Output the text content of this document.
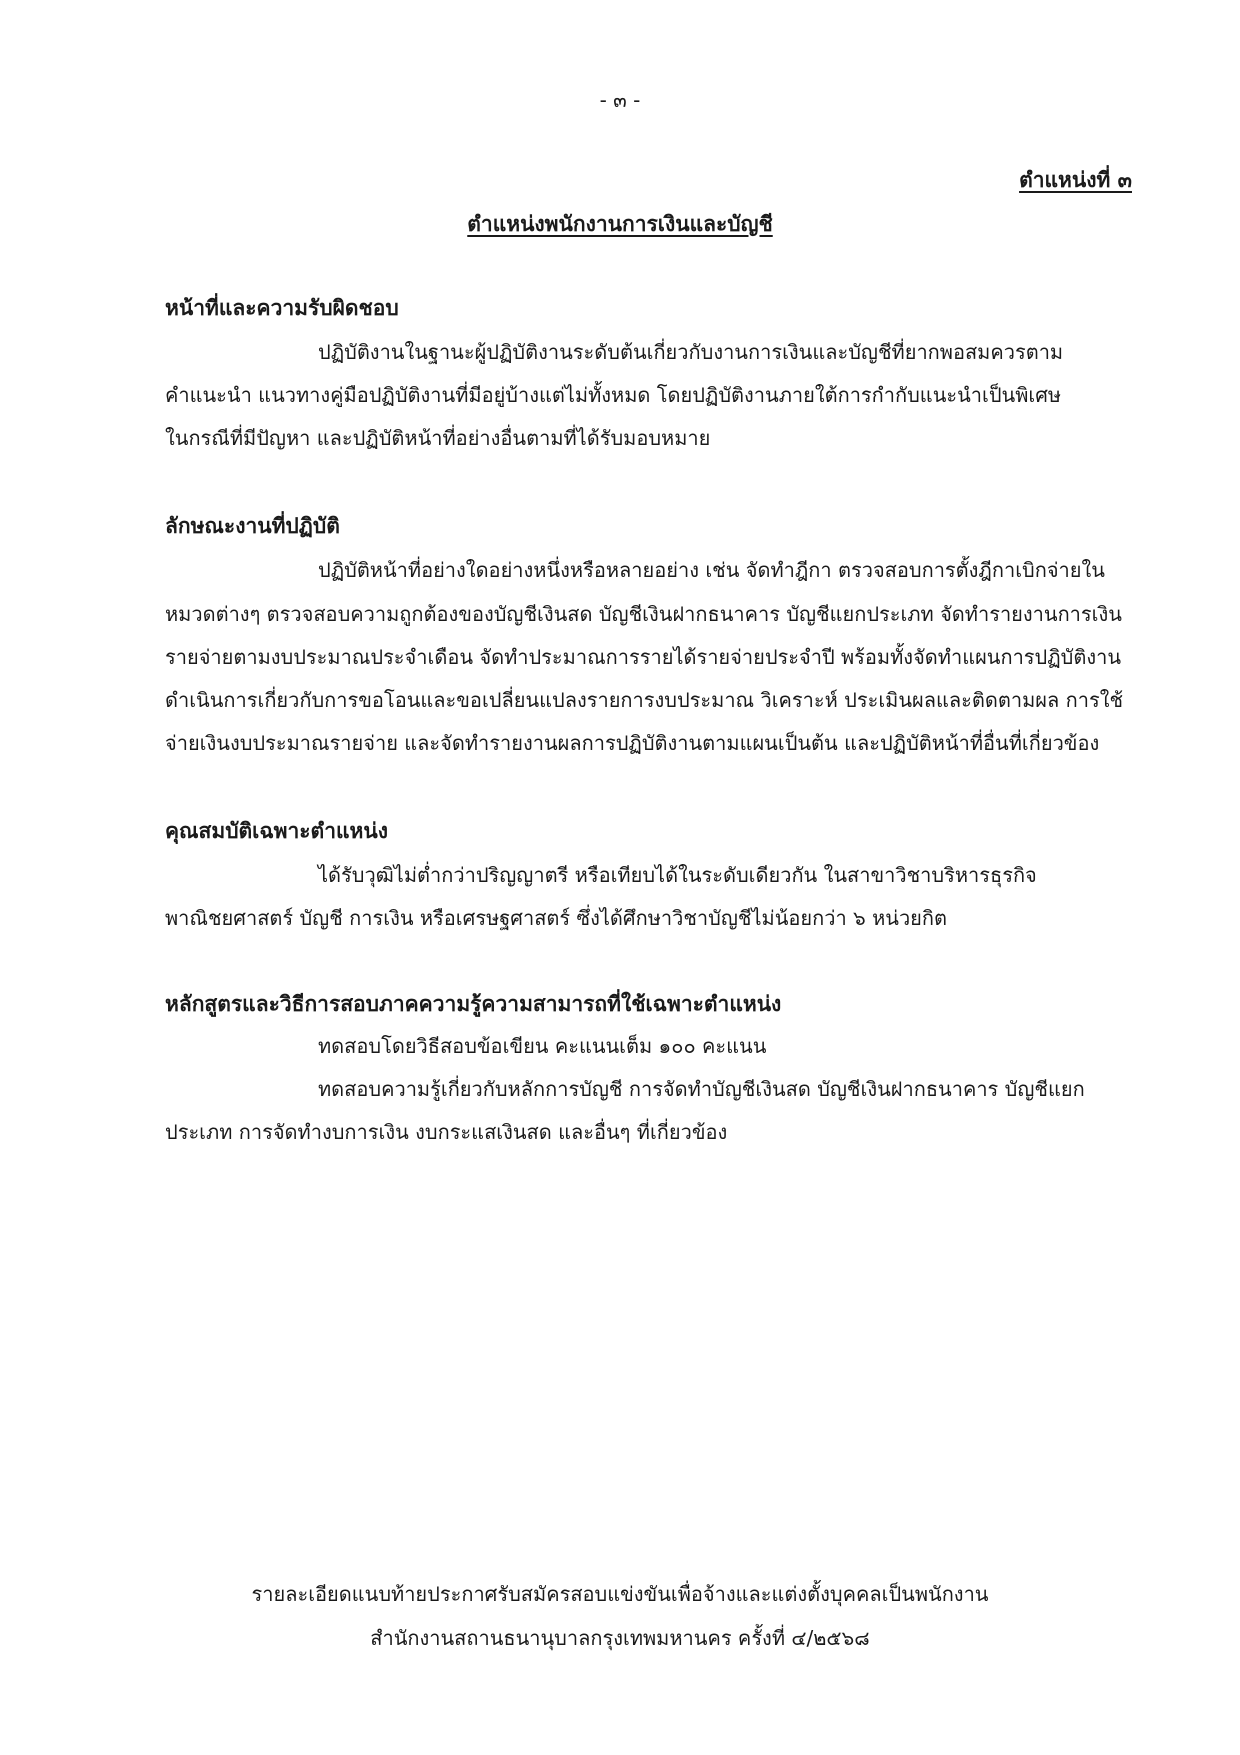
- ๓ -
ตำแหน่งที่ ๓
ตำแหน่งพนักงานการเงินและบัญชี
หน้าที่และความรับผิดชอบ
ปฏิบัติงานในฐานะผู้ปฏิบัติงานระดับต้นเกี่ยวกับงานการเงินและบัญชีที่ยากพอสมควรตาม
คำแนะนำ แนวทางคู่มือปฏิบัติงานที่มีอยู่บ้างแต่ไม่ทั้งหมด โดยปฏิบัติงานภายใต้การกำกับแนะนำเป็นพิเศษ
ในกรณีที่มีปัญหา และปฏิบัติหน้าที่อย่างอื่นตามที่ได้รับมอบหมาย
ลักษณะงานที่ปฏิบัติ
ปฏิบัติหน้าที่อย่างใดอย่างหนึ่งหรือหลายอย่าง เช่น จัดทำฎีกา ตรวจสอบการตั้งฎีกาเบิกจ่ายใน
หมวดต่างๆ ตรวจสอบความถูกต้องของบัญชีเงินสด บัญชีเงินฝากธนาคาร บัญชีแยกประเภท จัดทำรายงานการเงิน
รายจ่ายตามงบประมาณประจำเดือน จัดทำประมาณการรายได้รายจ่ายประจำปี พร้อมทั้งจัดทำแผนการปฏิบัติงาน
ดำเนินการเกี่ยวกับการขอโอนและขอเปลี่ยนแปลงรายการงบประมาณ วิเคราะห์ ประเมินผลและติดตามผล การใช้
จ่ายเงินงบประมาณรายจ่าย และจัดทำรายงานผลการปฏิบัติงานตามแผนเป็นต้น และปฏิบัติหน้าที่อื่นที่เกี่ยวข้อง
คุณสมบัติเฉพาะตำแหน่ง
ได้รับวุฒิไม่ต่ำกว่าปริญญาตรี หรือเทียบได้ในระดับเดียวกัน ในสาขาวิชาบริหารธุรกิจ
พาณิชยศาสตร์ บัญชี การเงิน หรือเศรษฐศาสตร์ ซึ่งได้ศึกษาวิชาบัญชีไม่น้อยกว่า ๖ หน่วยกิต
หลักสูตรและวิธีการสอบภาคความรู้ความสามารถที่ใช้เฉพาะตำแหน่ง
ทดสอบโดยวิธีสอบข้อเขียน คะแนนเต็ม ๑๐๐ คะแนน
ทดสอบความรู้เกี่ยวกับหลักการบัญชี การจัดทำบัญชีเงินสด บัญชีเงินฝากธนาคาร บัญชีแยก
ประเภท การจัดทำงบการเงิน งบกระแสเงินสด และอื่นๆ ที่เกี่ยวข้อง
รายละเอียดแนบท้ายประกาศรับสมัครสอบแข่งขันเพื่อจ้างและแต่งตั้งบุคคลเป็นพนักงาน
สำนักงานสถานธนานุบาลกรุงเทพมหานคร ครั้งที่ ๔/๒๕๖๘
